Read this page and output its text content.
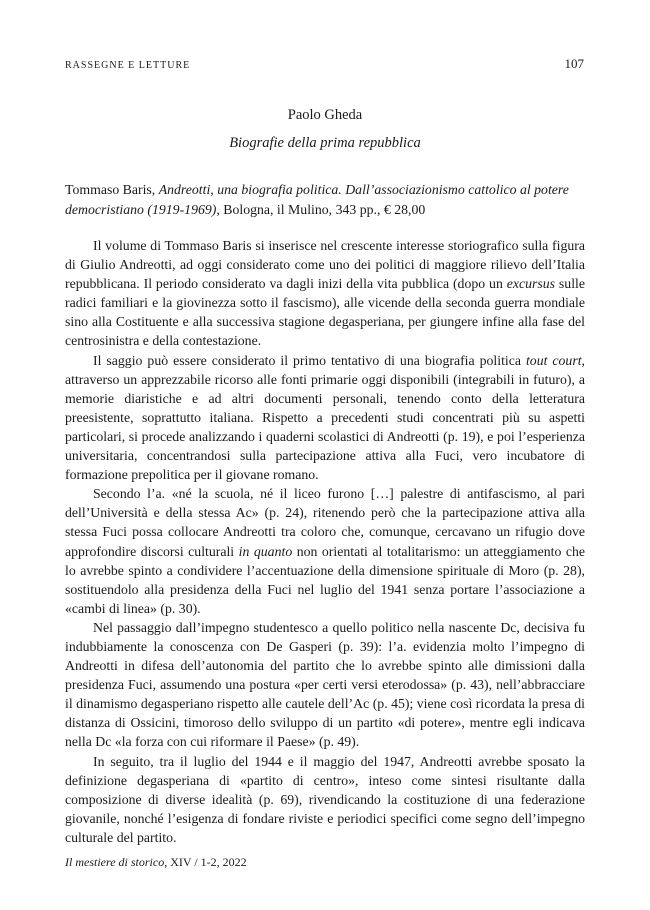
RASSEGNE E LETTURE	107
Paolo Gheda
Biografie della prima repubblica
Tommaso Baris, Andreotti, una biografia politica. Dall’associazionismo cattolico al potere democristiano (1919-1969), Bologna, il Mulino, 343 pp., € 28,00

Il volume di Tommaso Baris si inserisce nel crescente interesse storiografico sulla figura di Giulio Andreotti, ad oggi considerato come uno dei politici di maggiore rilievo dell’Italia repubblicana. Il periodo considerato va dagli inizi della vita pubblica (dopo un excursus sulle radici familiari e la giovinezza sotto il fascismo), alle vicende della seconda guerra mondiale sino alla Costituente e alla successiva stagione degasperiana, per giungere infine alla fase del centrosinistra e della contestazione.

Il saggio può essere considerato il primo tentativo di una biografia politica tout court, attraverso un apprezzabile ricorso alle fonti primarie oggi disponibili (integrabili in futuro), a memorie diaristiche e ad altri documenti personali, tenendo conto della letteratura preesistente, soprattutto italiana. Rispetto a precedenti studi concentrati più su aspetti particolari, si procede analizzando i quaderni scolastici di Andreotti (p. 19), e poi l’esperienza universitaria, concentrandosi sulla partecipazione attiva alla Fuci, vero incubatore di formazione prepolitica per il giovane romano.

Secondo l’a. «né la scuola, né il liceo furono […] palestre di antifascismo, al pari dell’Università e della stessa Ac» (p. 24), ritenendo però che la partecipazione attiva alla stessa Fuci possa collocare Andreotti tra coloro che, comunque, cercavano un rifugio dove approfondire discorsi culturali in quanto non orientati al totalitarismo: un atteggiamento che lo avrebbe spinto a condividere l’accentuazione della dimensione spirituale di Moro (p. 28), sostituendolo alla presidenza della Fuci nel luglio del 1941 senza portare l’associazione a «cambi di linea» (p. 30).

Nel passaggio dall’impegno studentesco a quello politico nella nascente Dc, decisiva fu indubbiamente la conoscenza con De Gasperi (p. 39): l’a. evidenzia molto l’impegno di Andreotti in difesa dell’autonomia del partito che lo avrebbe spinto alle dimissioni dalla presidenza Fuci, assumendo una postura «per certi versi eterodossa» (p. 43), nell’abbracciare il dinamismo degasperiano rispetto alle cautele dell’Ac (p. 45); viene così ricordata la presa di distanza di Ossicini, timoroso dello sviluppo di un partito «di potere», mentre egli indicava nella Dc «la forza con cui riformare il Paese» (p. 49).

In seguito, tra il luglio del 1944 e il maggio del 1947, Andreotti avrebbe sposato la definizione degasperiana di «partito di centro», inteso come sintesi risultante dalla composizione di diverse idealità (p. 69), rivendicando la costituzione di una federazione giovanile, nonché l’esigenza di fondare riviste e periodici specifici come segno dell’impegno culturale del partito.

Il mestiere di storico, XIV / 1-2, 2022
